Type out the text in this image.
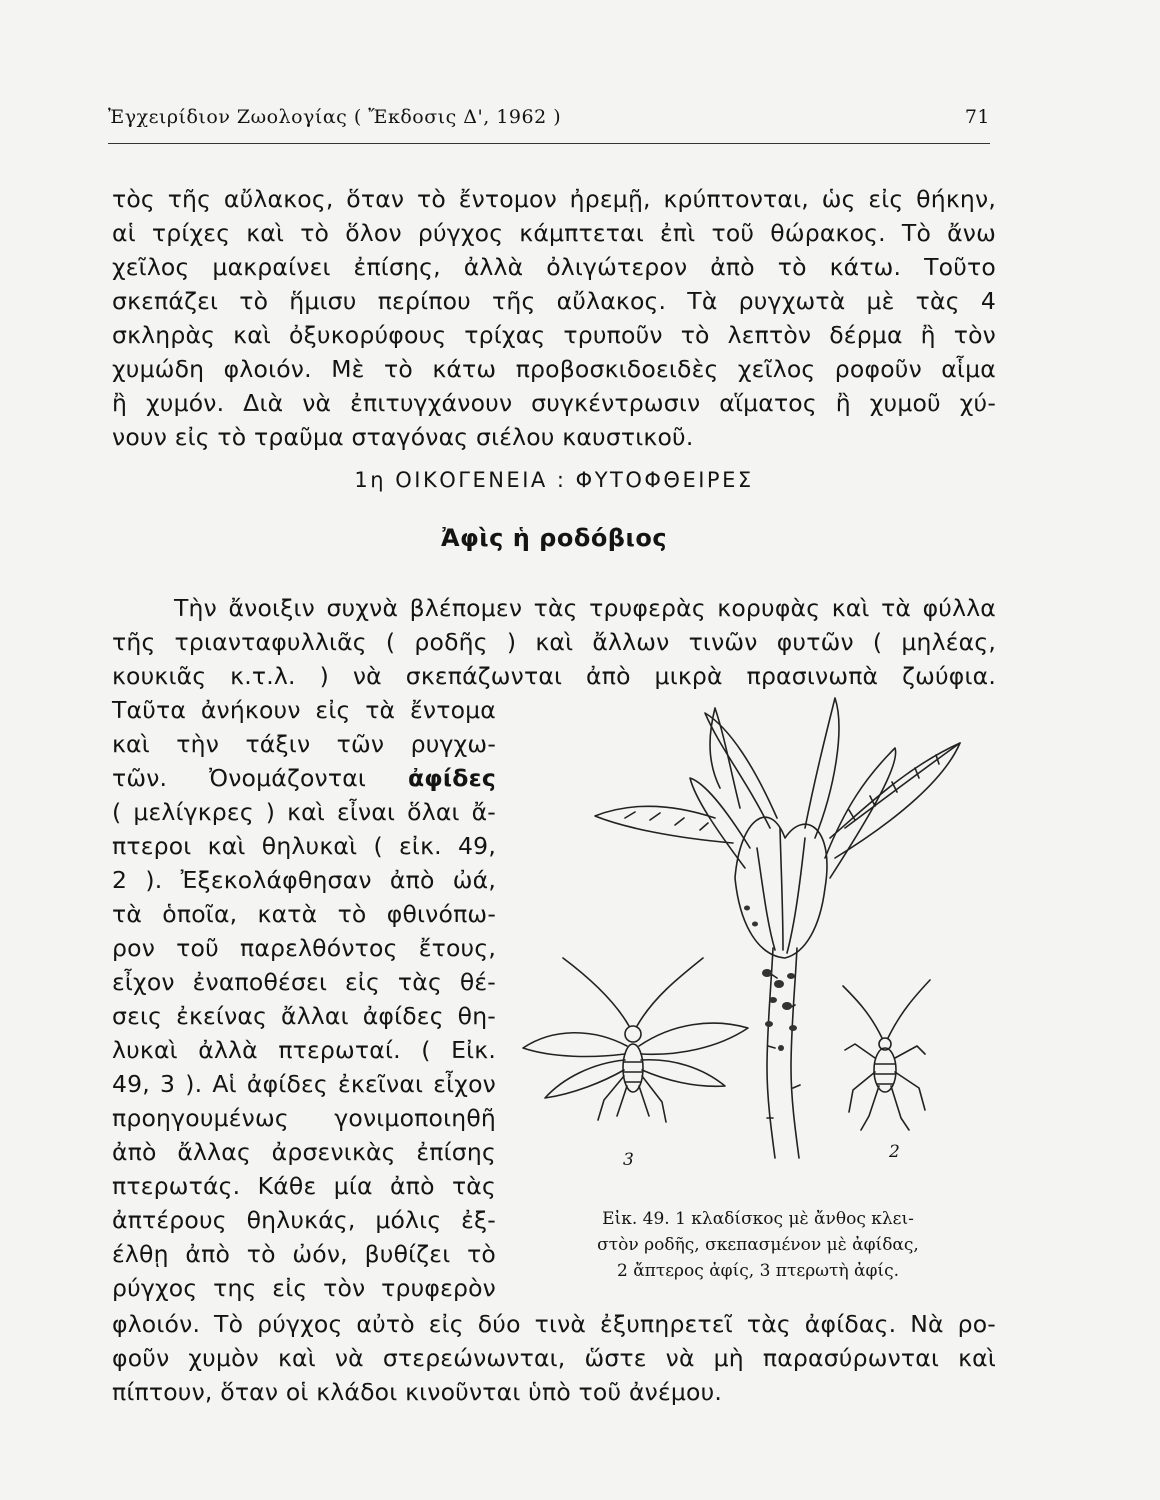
Ἐγχειρίδιον Ζωολογίας ( Ἔκδοσις Δ', 1962 )	71
τὸς τῆς αὔλακος, ὅταν τὸ ἔντομον ἠρεμῇ, κρύπτονται, ὡς εἰς θήκην,
αἱ τρίχες καὶ τὸ ὅλον ρύγχος κάμπτεται ἐπὶ τοῦ θώρακος. Τὸ ἄνω
χεῖλος μακραίνει ἐπίσης, ἀλλὰ ὀλιγώτερον ἀπὸ τὸ κάτω. Τοῦτο
σκεπάζει τὸ ἥμισυ περίπου τῆς αὔλακος. Τὰ ρυγχωτὰ μὲ τὰς 4
σκληρὰς καὶ ὀξυκορύφους τρίχας τρυποῦν τὸ λεπτὸν δέρμα ἢ τὸν
χυμώδη φλοιόν. Μὲ τὸ κάτω προβοσκιδοειδὲς χεῖλος ροφοῦν αἷμα
ἢ χυμόν. Διὰ νὰ ἐπιτυγχάνουν συγκέντρωσιν αἵματος ἢ χυμοῦ χύ-
νουν εἰς τὸ τραῦμα σταγόνας σιέλου καυστικοῦ.
1η ΟΙΚΟΓΕΝΕΙΑ : ΦΥΤΟΦΘΕΙΡΕΣ
Ἀφὶς ἡ ροδόβιος
Τὴν ἄνοιξιν συχνὰ βλέπομεν τὰς τρυφερὰς κορυφὰς καὶ τὰ φύλλα
τῆς τριανταφυλλιᾶς ( ροδῆς ) καὶ ἄλλων τινῶν φυτῶν ( μηλέας,
κουκιᾶς κ.τ.λ. ) νὰ σκεπάζωνται ἀπὸ μικρὰ πρασινωπὰ ζωύφια.
Ταῦτα ἀνήκουν εἰς τὰ ἔντομα
καὶ τὴν τάξιν τῶν ρυγχω-
τῶν. Ὀνομάζονται ἀφίδες
( μελίγκρες ) καὶ εἶναι ὅλαι ἄ-
πτεροι καὶ θηλυκαὶ ( εἰκ. 49,
2 ). Ἐξεκολάφθησαν ἀπὸ ὠά,
τὰ ὁποῖα, κατὰ τὸ φθινόπω-
ρον τοῦ παρελθόντος ἔτους,
εἶχον ἐναποθέσει εἰς τὰς θέ-
σεις ἐκείνας ἄλλαι ἀφίδες θη-
λυκαὶ ἀλλὰ πτερωταί. ( Εἰκ.
49, 3 ). Αἱ ἀφίδες ἐκεῖναι εἶχον
προηγουμένως γονιμοποιηθῆ
ἀπὸ ἄλλας ἀρσενικὰς ἐπίσης
πτερωτάς. Κάθε μία ἀπὸ τὰς
ἀπτέρους θηλυκάς, μόλις ἐξ-
έλθῃ ἀπὸ τὸ ὠόν, βυθίζει τὸ
ρύγχος της εἰς τὸν τρυφερὸν
3	2
Εἰκ. 49. 1 κλαδίσκος μὲ ἄνθος κλει-
στὸν ροδῆς, σκεπασμένον μὲ ἀφίδας,
2 ἄπτερος ἀφίς, 3 πτερωτὴ ἀφίς.
φλοιόν. Τὸ ρύγχος αὐτὸ εἰς δύο τινὰ ἐξυπηρετεῖ τὰς ἀφίδας. Νὰ ρο-
φοῦν χυμὸν καὶ νὰ στερεώνωνται, ὥστε νὰ μὴ παρασύρωνται καὶ
πίπτουν, ὅταν οἱ κλάδοι κινοῦνται ὑπὸ τοῦ ἀνέμου.
